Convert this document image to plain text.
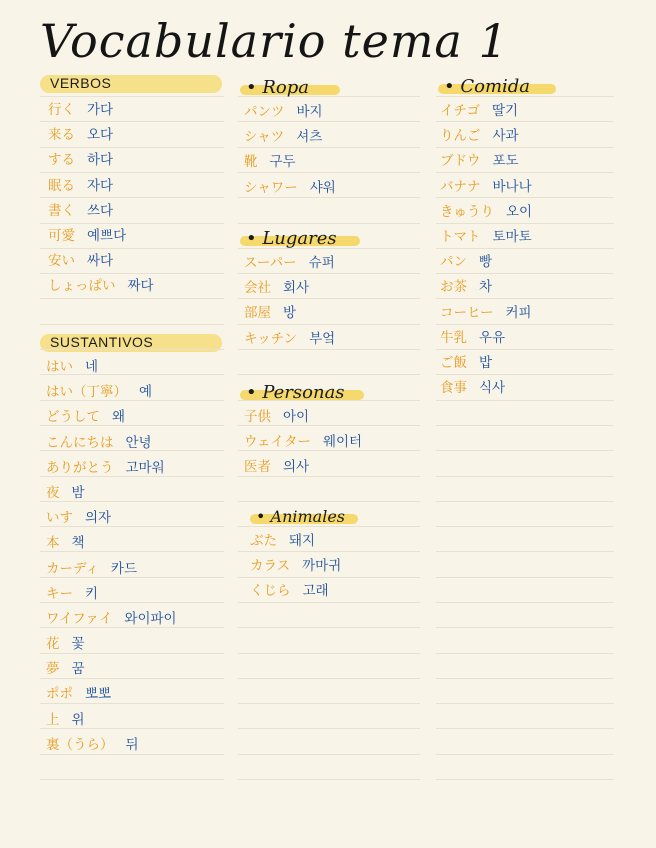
Vocabulario tema 1
VERBOS
行く 가다
来る 오다
する 하다
眠る 자다
書く 쓰다
可愛 예쁘다
安い 싸다
しょっぱい 짜다
SUSTANTIVOS
はい 네
はい（丁寧） 예
どうして 왜
こんにちは 안녕
ありがとう 고마워
夜 밤
いす 의자
本 책
カーディ 카드
キー 키
ワイファイ 와이파이
花 꽃
夢 꿈
ポポ 뽀뽀
上 위
裏（うら） 뒤
• Ropa
パンツ 바지
シャツ 셔츠
靴 구두
シャワー 샤워
• Lugares
スーパー 슈퍼
会社 회사
部屋 방
キッチン 부엌
• Personas
子供 아이
ウェイター 웨이터
医者 의사
• Animales
ぶた 돼지
カラス 까마귀
くじら 고래
• Comida
イチゴ 딸기
りんご 사과
ブドウ 포도
バナナ 바나나
きゅうり 오이
トマト 토마토
パン 빵
お茶 차
コーヒー 커피
牛乳 우유
ご飯 밥
食事 식사
